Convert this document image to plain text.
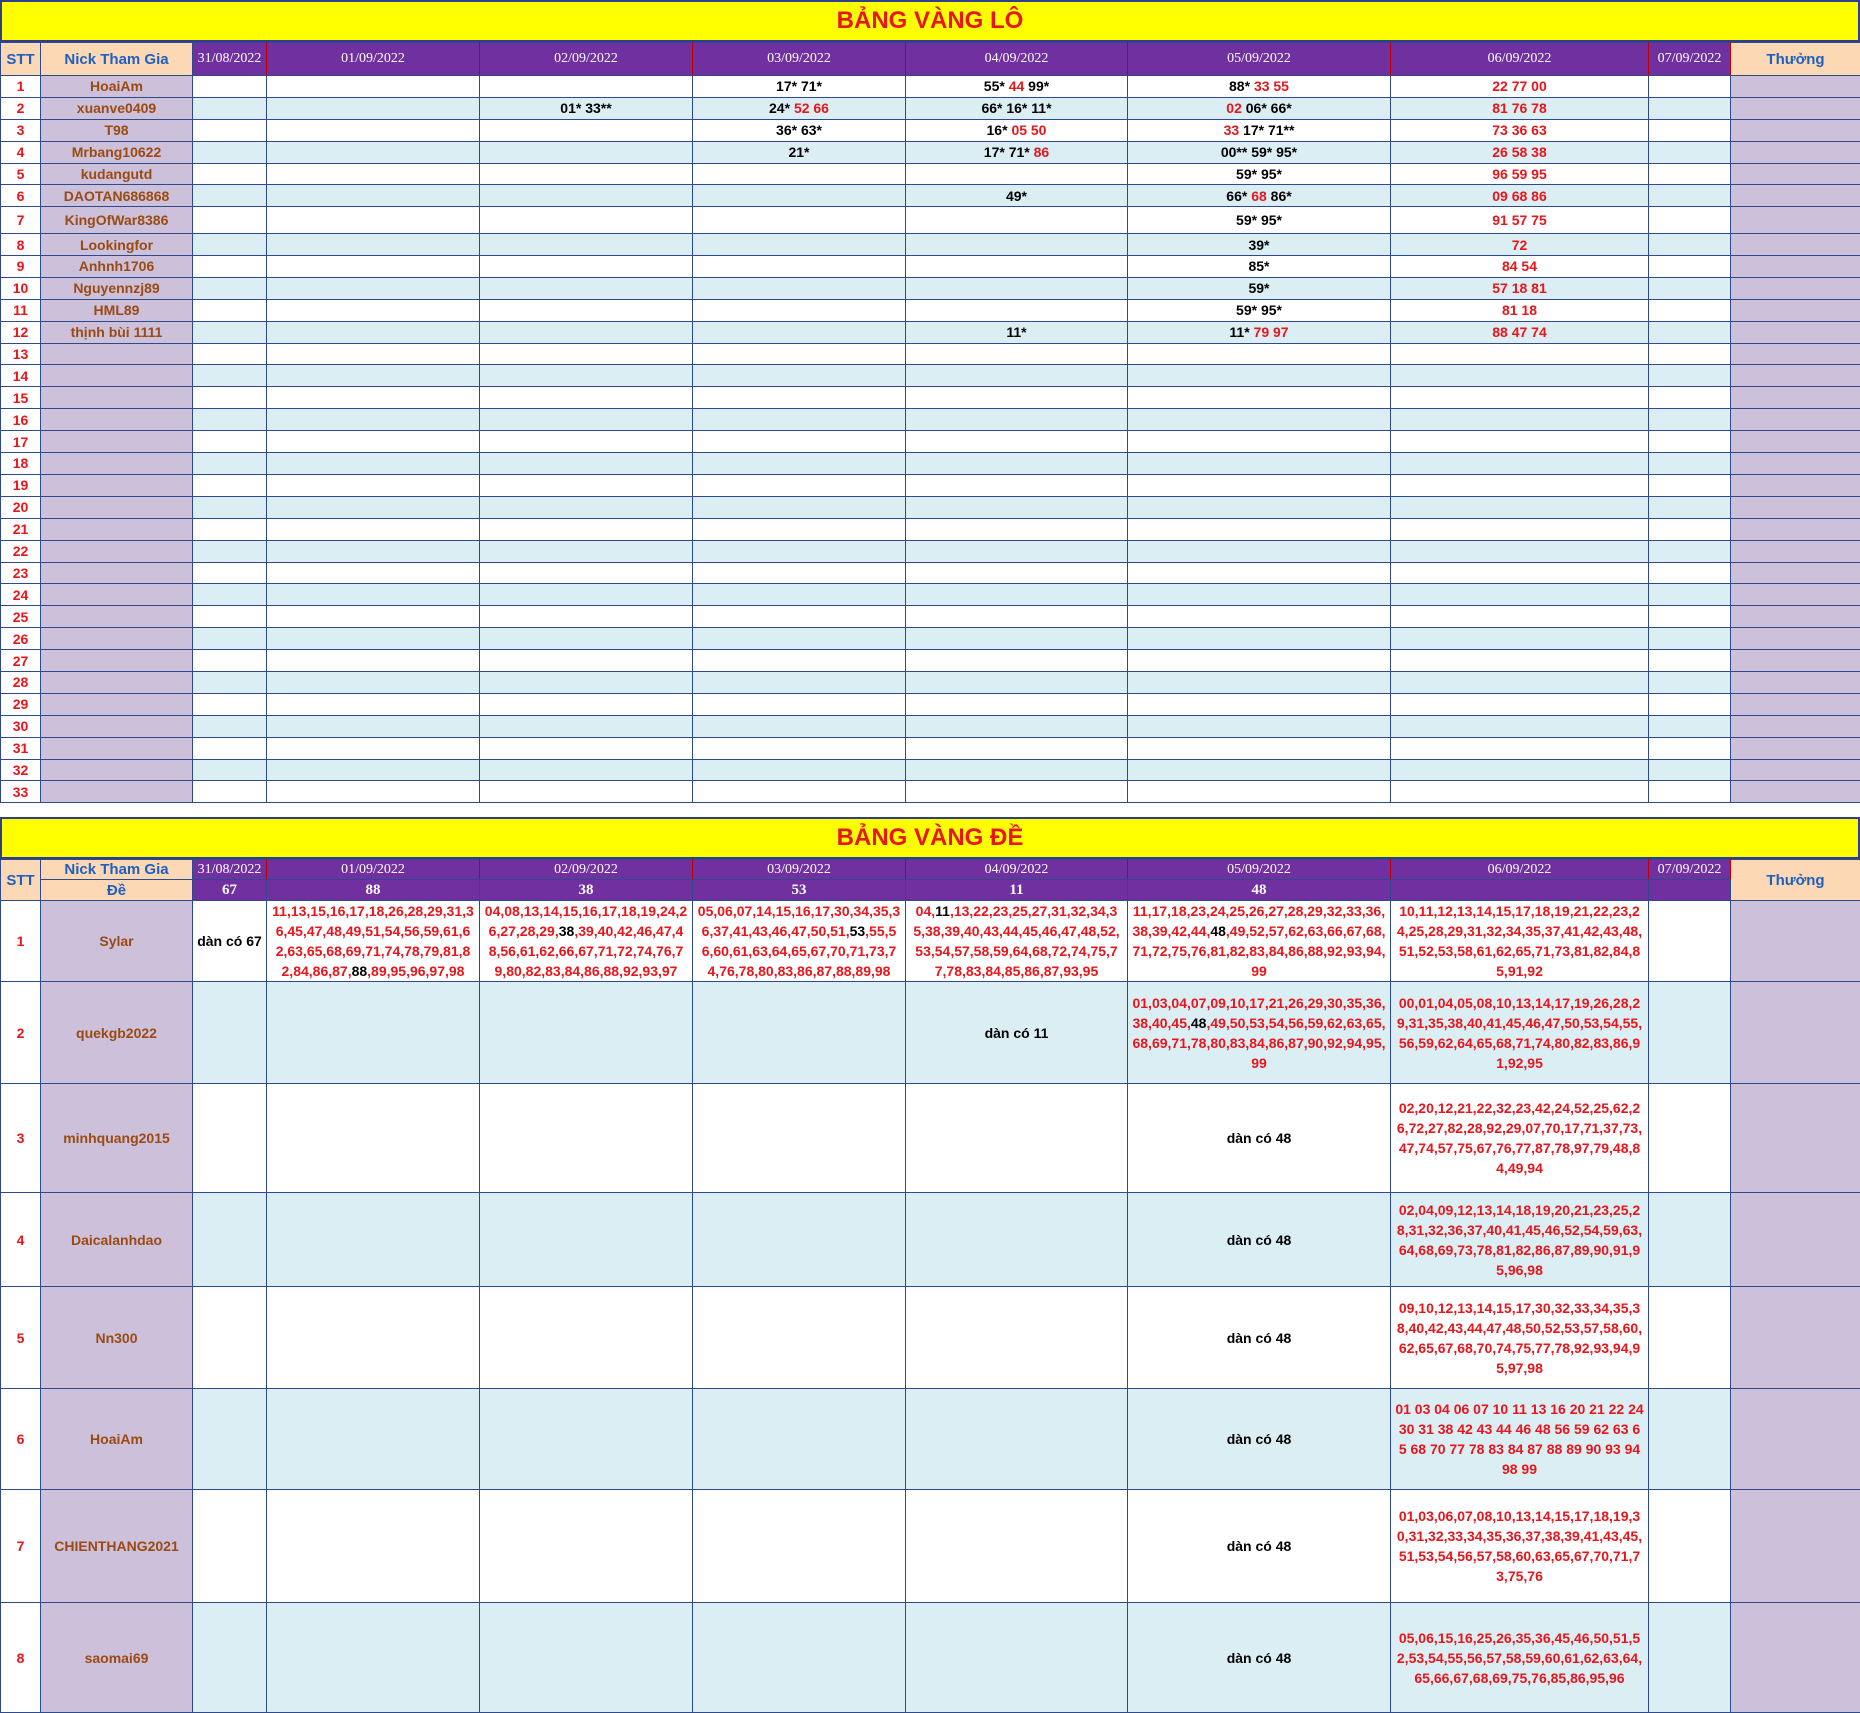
BẢNG VÀNG LÔ
STT	Nick Tham Gia	31/08/2022	01/09/2022	02/09/2022	03/09/2022	04/09/2022	05/09/2022	06/09/2022	07/09/2022	Thưởng
1	HoaiAm				17* 71*	55* 44 99*	88* 33 55	22 77 00		
2	xuanve0409			01* 33**	24* 52 66	66* 16* 11*	02 06* 66*	81 76 78		
3	T98				36* 63*	16* 05 50	33 17* 71**	73 36 63		
4	Mrbang10622				21*	17* 71* 86	00** 59* 95*	26 58 38		
5	kudangutd						59* 95*	96 59 95		
6	DAOTAN686868					49*	66* 68 86*	09 68 86		
7	KingOfWar8386						59* 95*	91 57 75		
8	Lookingfor						39*	72		
9	Anhnh1706						85*	84 54		
10	Nguyennzj89						59*	57 18 81		
11	HML89						59* 95*	81 18		
12	thịnh bùi 1111					11*	11* 79 97	88 47 74		
13										
14										
15										
16										
17										
18										
19										
20										
21										
22										
23										
24										
25										
26										
27										
28										
29										
30										
31										
32										
33										
BẢNG VÀNG ĐỀ
STT	Nick Tham Gia	31/08/2022	01/09/2022	02/09/2022	03/09/2022	04/09/2022	05/09/2022	06/09/2022	07/09/2022	Thưởng
	Đề	67	88	38	53	11	48			
1	Sylar	dàn có 67	11,13,15,16,17,18,26,28,29,31,36,45,47,48,49,51,54,56,59,61,62,63,65,68,69,71,74,78,79,81,82,84,86,87,88,89,95,96,97,98	04,08,13,14,15,16,17,18,19,24,26,27,28,29,38,39,40,42,46,47,48,56,61,62,66,67,71,72,74,76,79,80,82,83,84,86,88,92,93,97	05,06,07,14,15,16,17,30,34,35,36,37,41,43,46,47,50,51,53,55,56,60,61,63,64,65,67,70,71,73,74,76,78,80,83,86,87,88,89,98	04,11,13,22,23,25,27,31,32,34,35,38,39,40,43,44,45,46,47,48,52,53,54,57,58,59,64,68,72,74,75,77,78,83,84,85,86,87,93,95	11,17,18,23,24,25,26,27,28,29,32,33,36,38,39,42,44,48,49,52,57,62,63,66,67,68,71,72,75,76,81,82,83,84,86,88,92,93,94,99	10,11,12,13,14,15,17,18,19,21,22,23,24,25,28,29,31,32,34,35,37,41,42,43,48,51,52,53,58,61,62,65,71,73,81,82,84,85,91,92		
2	quekgb2022					dàn có 11	01,03,04,07,09,10,17,21,26,29,30,35,36,38,40,45,48,49,50,53,54,56,59,62,63,65,68,69,71,78,80,83,84,86,87,90,92,94,95,99	00,01,04,05,08,10,13,14,17,19,26,28,29,31,35,38,40,41,45,46,47,50,53,54,55,56,59,62,64,65,68,71,74,80,82,83,86,91,92,95		
3	minhquang2015						dàn có 48	02,20,12,21,22,32,23,42,24,52,25,62,26,72,27,82,28,92,29,07,70,17,71,37,73,47,74,57,75,67,76,77,87,78,97,79,48,84,49,94		
4	Daicalanhdao						dàn có 48	02,04,09,12,13,14,18,19,20,21,23,25,28,31,32,36,37,40,41,45,46,52,54,59,63,64,68,69,73,78,81,82,86,87,89,90,91,95,96,98		
5	Nn300						dàn có 48	09,10,12,13,14,15,17,30,32,33,34,35,38,40,42,43,44,47,48,50,52,53,57,58,60,62,65,67,68,70,74,75,77,78,92,93,94,95,97,98		
6	HoaiAm						dàn có 48	01 03 04 06 07 10 11 13 16 20 21 22 24 30 31 38 42 43 44 46 48 56 59 62 63 65 68 70 77 78 83 84 87 88 89 90 93 94 98 99		
7	CHIENTHANG2021						dàn có 48	01,03,06,07,08,10,13,14,15,17,18,19,30,31,32,33,34,35,36,37,38,39,41,43,45,51,53,54,56,57,58,60,63,65,67,70,71,73,75,76		
8	saomai69						dàn có 48	05,06,15,16,25,26,35,36,45,46,50,51,52,53,54,55,56,57,58,59,60,61,62,63,64,65,66,67,68,69,75,76,85,86,95,96		
